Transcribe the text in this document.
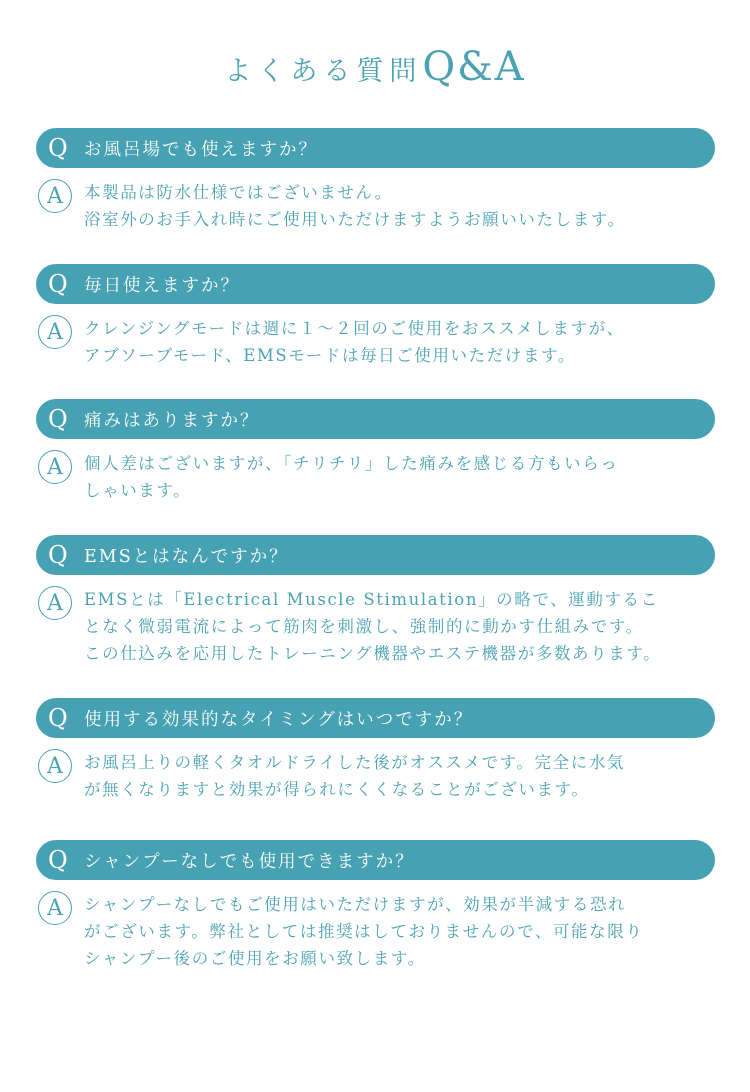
よくある質問Q&A
Q お風呂場でも使えますか？
A 本製品は防水仕様ではございません。
浴室外のお手入れ時にご使用いただけますようお願いいたします。
Q 毎日使えますか？
A クレンジングモードは週に１～２回のご使用をおススメしますが、
アブソーブモード、EMSモードは毎日ご使用いただけます。
Q 痛みはありますか？
A 個人差はございますが、「チリチリ」した痛みを感じる方もいらっ
しゃいます。
Q EMSとはなんですか？
A EMSとは「Electrical Muscle Stimulation」の略で、運動するこ
となく微弱電流によって筋肉を刺激し、強制的に動かす仕組みです。
この仕込みを応用したトレーニング機器やエステ機器が多数あります。
Q 使用する効果的なタイミングはいつですか？
A お風呂上りの軽くタオルドライした後がオススメです。完全に水気
が無くなりますと効果が得られにくくなることがございます。
Q シャンプーなしでも使用できますか？
A シャンプーなしでもご使用はいただけますが、効果が半減する恐れ
がございます。弊社としては推奨はしておりませんので、可能な限り
シャンプー後のご使用をお願い致します。
